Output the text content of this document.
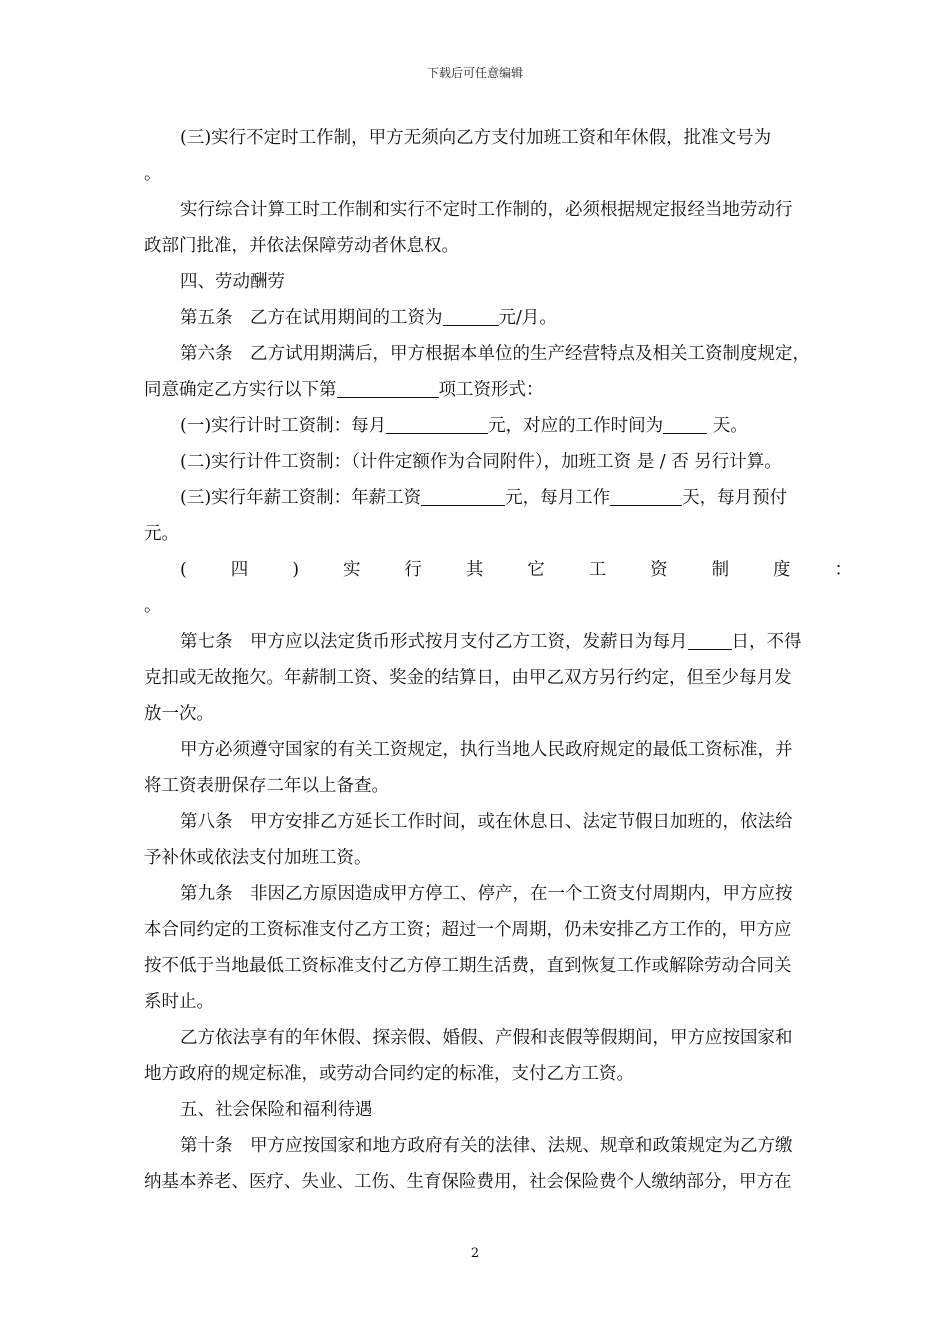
下载后可任意编辑

(三)实行不定时工作制，甲方无须向乙方支付加班工资和年休假，批准文号为

。

实行综合计算工时工作制和实行不定时工作制的，必须根据规定报经当地劳动行

政部门批准，并依法保障劳动者休息权。

四、劳动酬劳

第五条　乙方在试用期间的工资为	元/月。

第六条　乙方试用期满后，甲方根据本单位的生产经营特点及相关工资制度规定，

同意确定乙方实行以下第	项工资形式：

(一)实行计时工资制：每月	元，对应的工作时间为	天。

(二)实行计件工资制：（计件定额作为合同附件），加班工资 是 / 否 另行计算。

(三)实行年薪工资制：年薪工资	元，每月工作	天，每月预付

元。

(	四	)	实	行	其	它	工	资	制	度	：

。

第七条　甲方应以法定货币形式按月支付乙方工资，发薪日为每月	日，不得

克扣或无故拖欠。年薪制工资、奖金的结算日，由甲乙双方另行约定，但至少每月发

放一次。

甲方必须遵守国家的有关工资规定，执行当地人民政府规定的最低工资标准，并

将工资表册保存二年以上备查。

第八条　甲方安排乙方延长工作时间，或在休息日、法定节假日加班的，依法给

予补休或依法支付加班工资。

第九条　非因乙方原因造成甲方停工、停产，在一个工资支付周期内，甲方应按

本合同约定的工资标准支付乙方工资；超过一个周期，仍未安排乙方工作的，甲方应

按不低于当地最低工资标准支付乙方停工期生活费，直到恢复工作或解除劳动合同关

系时止。

乙方依法享有的年休假、探亲假、婚假、产假和丧假等假期间，甲方应按国家和

地方政府的规定标准，或劳动合同约定的标准，支付乙方工资。

五、社会保险和福利待遇

第十条　甲方应按国家和地方政府有关的法律、法规、规章和政策规定为乙方缴

纳基本养老、医疗、失业、工伤、生育保险费用，社会保险费个人缴纳部分，甲方在

2
